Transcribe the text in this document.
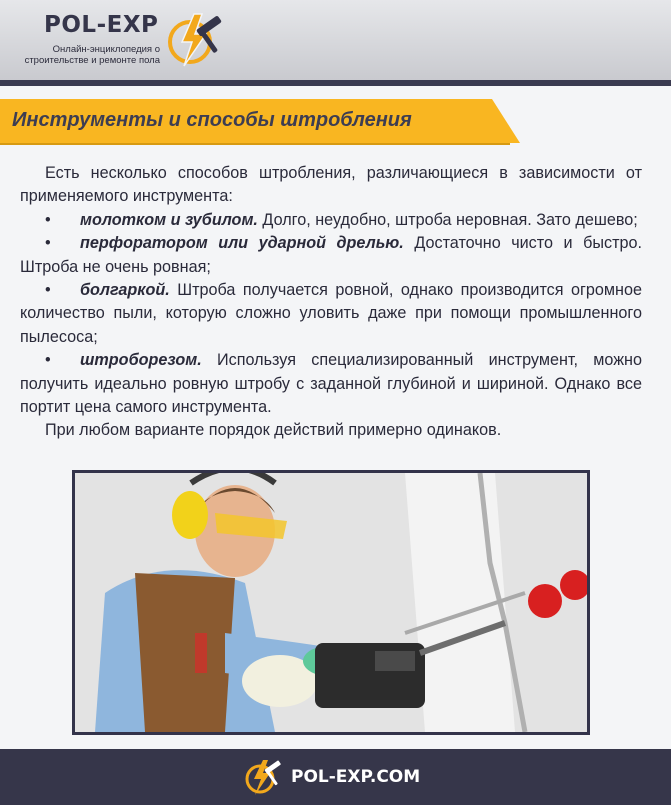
POL-EXP
Онлайн-энциклопедия о
строительстве и ремонте пола
Инструменты и способы штробления

Есть несколько способов штробления, различающиеся в зависимости от применяемого инструмента:

• молотком и зубилом. Долго, неудобно, штроба неровная. Зато дешево;

• перфоратором или ударной дрелью. Достаточно чисто и быстро. Штроба не очень ровная;

• болгаркой. Штроба получается ровной, однако производится огромное количество пыли, которую сложно уловить даже при помощи промышленного пылесоса;

• штроборезом. Используя специализированный инструмент, можно получить идеально ровную штробу с заданной глубиной и шириной. Однако все портит цена самого инструмента.

При любом варианте порядок действий примерно одинаков.

POL-EXP.COM
